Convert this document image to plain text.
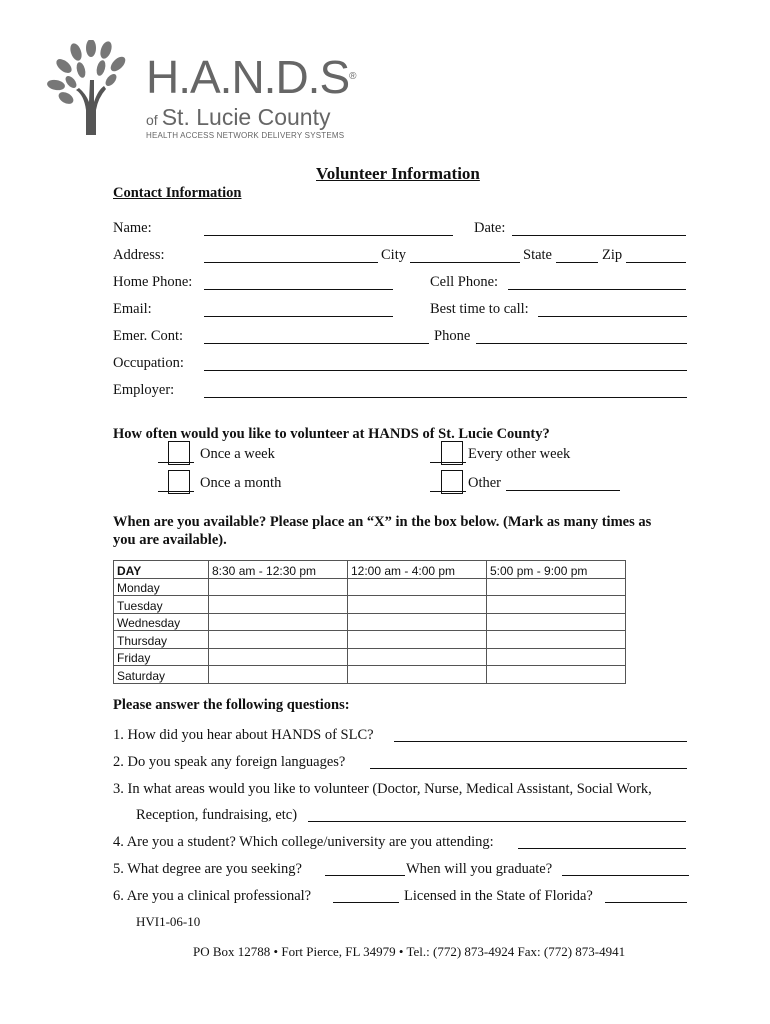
H.A.N.D.S®
of St. Lucie County
HEALTH ACCESS NETWORK DELIVERY SYSTEMS
Volunteer Information
Contact Information
Name:	Date:
Address:	City	State	Zip
Home Phone:	Cell Phone:
Email:	Best time to call:
Emer. Cont:	Phone
Occupation:
Employer:
How often would you like to volunteer at HANDS of St. Lucie County?
Once a week	Every other week
Once a month	Other
When are you available? Please place an “X” in the box below. (Mark as many times as
you are available).
DAY	8:30 am - 12:30 pm	12:00 am - 4:00 pm	5:00 pm - 9:00 pm
Monday			
Tuesday			
Wednesday			
Thursday			
Friday			
Saturday			
Please answer the following questions:
1. How did you hear about HANDS of SLC?
2. Do you speak any foreign languages?
3. In what areas would you like to volunteer (Doctor, Nurse, Medical Assistant, Social Work,
Reception, fundraising, etc)
4. Are you a student? Which college/university are you attending:
5. What degree are you seeking?	When will you graduate?
6. Are you a clinical professional?	Licensed in the State of Florida?
HVI1-06-10
PO Box 12788 • Fort Pierce, FL 34979 • Tel.: (772) 873-4924 Fax: (772) 873-4941
